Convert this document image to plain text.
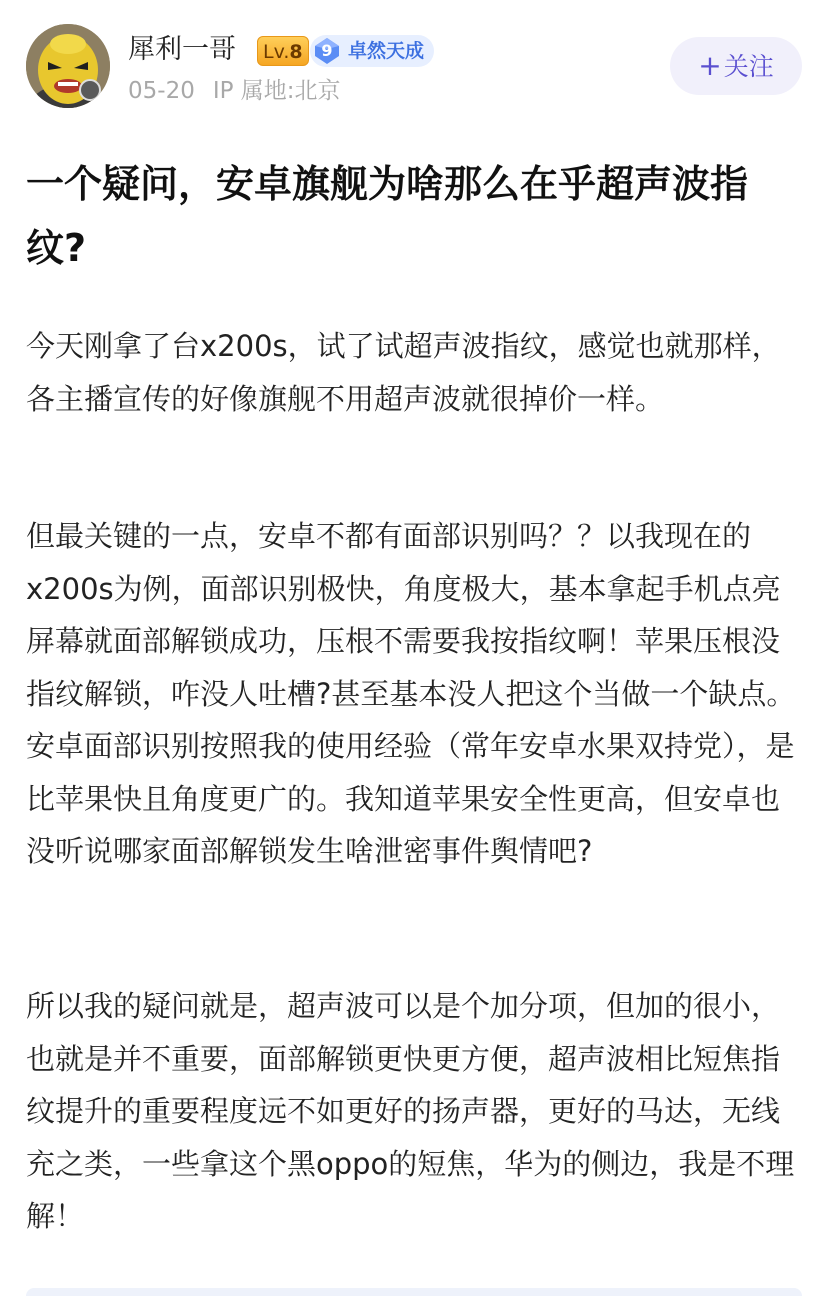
犀利一哥	Lv.8	9 卓然天成
05-20 IP 属地:北京
+关注
一个疑问，安卓旗舰为啥那么在乎超声波指纹?

今天刚拿了台x200s，试了试超声波指纹，感觉也就那样，各主播宣传的好像旗舰不用超声波就很掉价一样。

但最关键的一点，安卓不都有面部识别吗？？以我现在的x200s为例，面部识别极快，角度极大，基本拿起手机点亮屏幕就面部解锁成功，压根不需要我按指纹啊！苹果压根没指纹解锁，咋没人吐槽?甚至基本没人把这个当做一个缺点。安卓面部识别按照我的使用经验（常年安卓水果双持党），是比苹果快且角度更广的。我知道苹果安全性更高，但安卓也没听说哪家面部解锁发生啥泄密事件舆情吧?

所以我的疑问就是，超声波可以是个加分项，但加的很小，也就是并不重要，面部解锁更快更方便，超声波相比短焦指纹提升的重要程度远不如更好的扬声器，更好的马达，无线充之类，一些拿这个黑oppo的短焦，华为的侧边，我是不理解！
